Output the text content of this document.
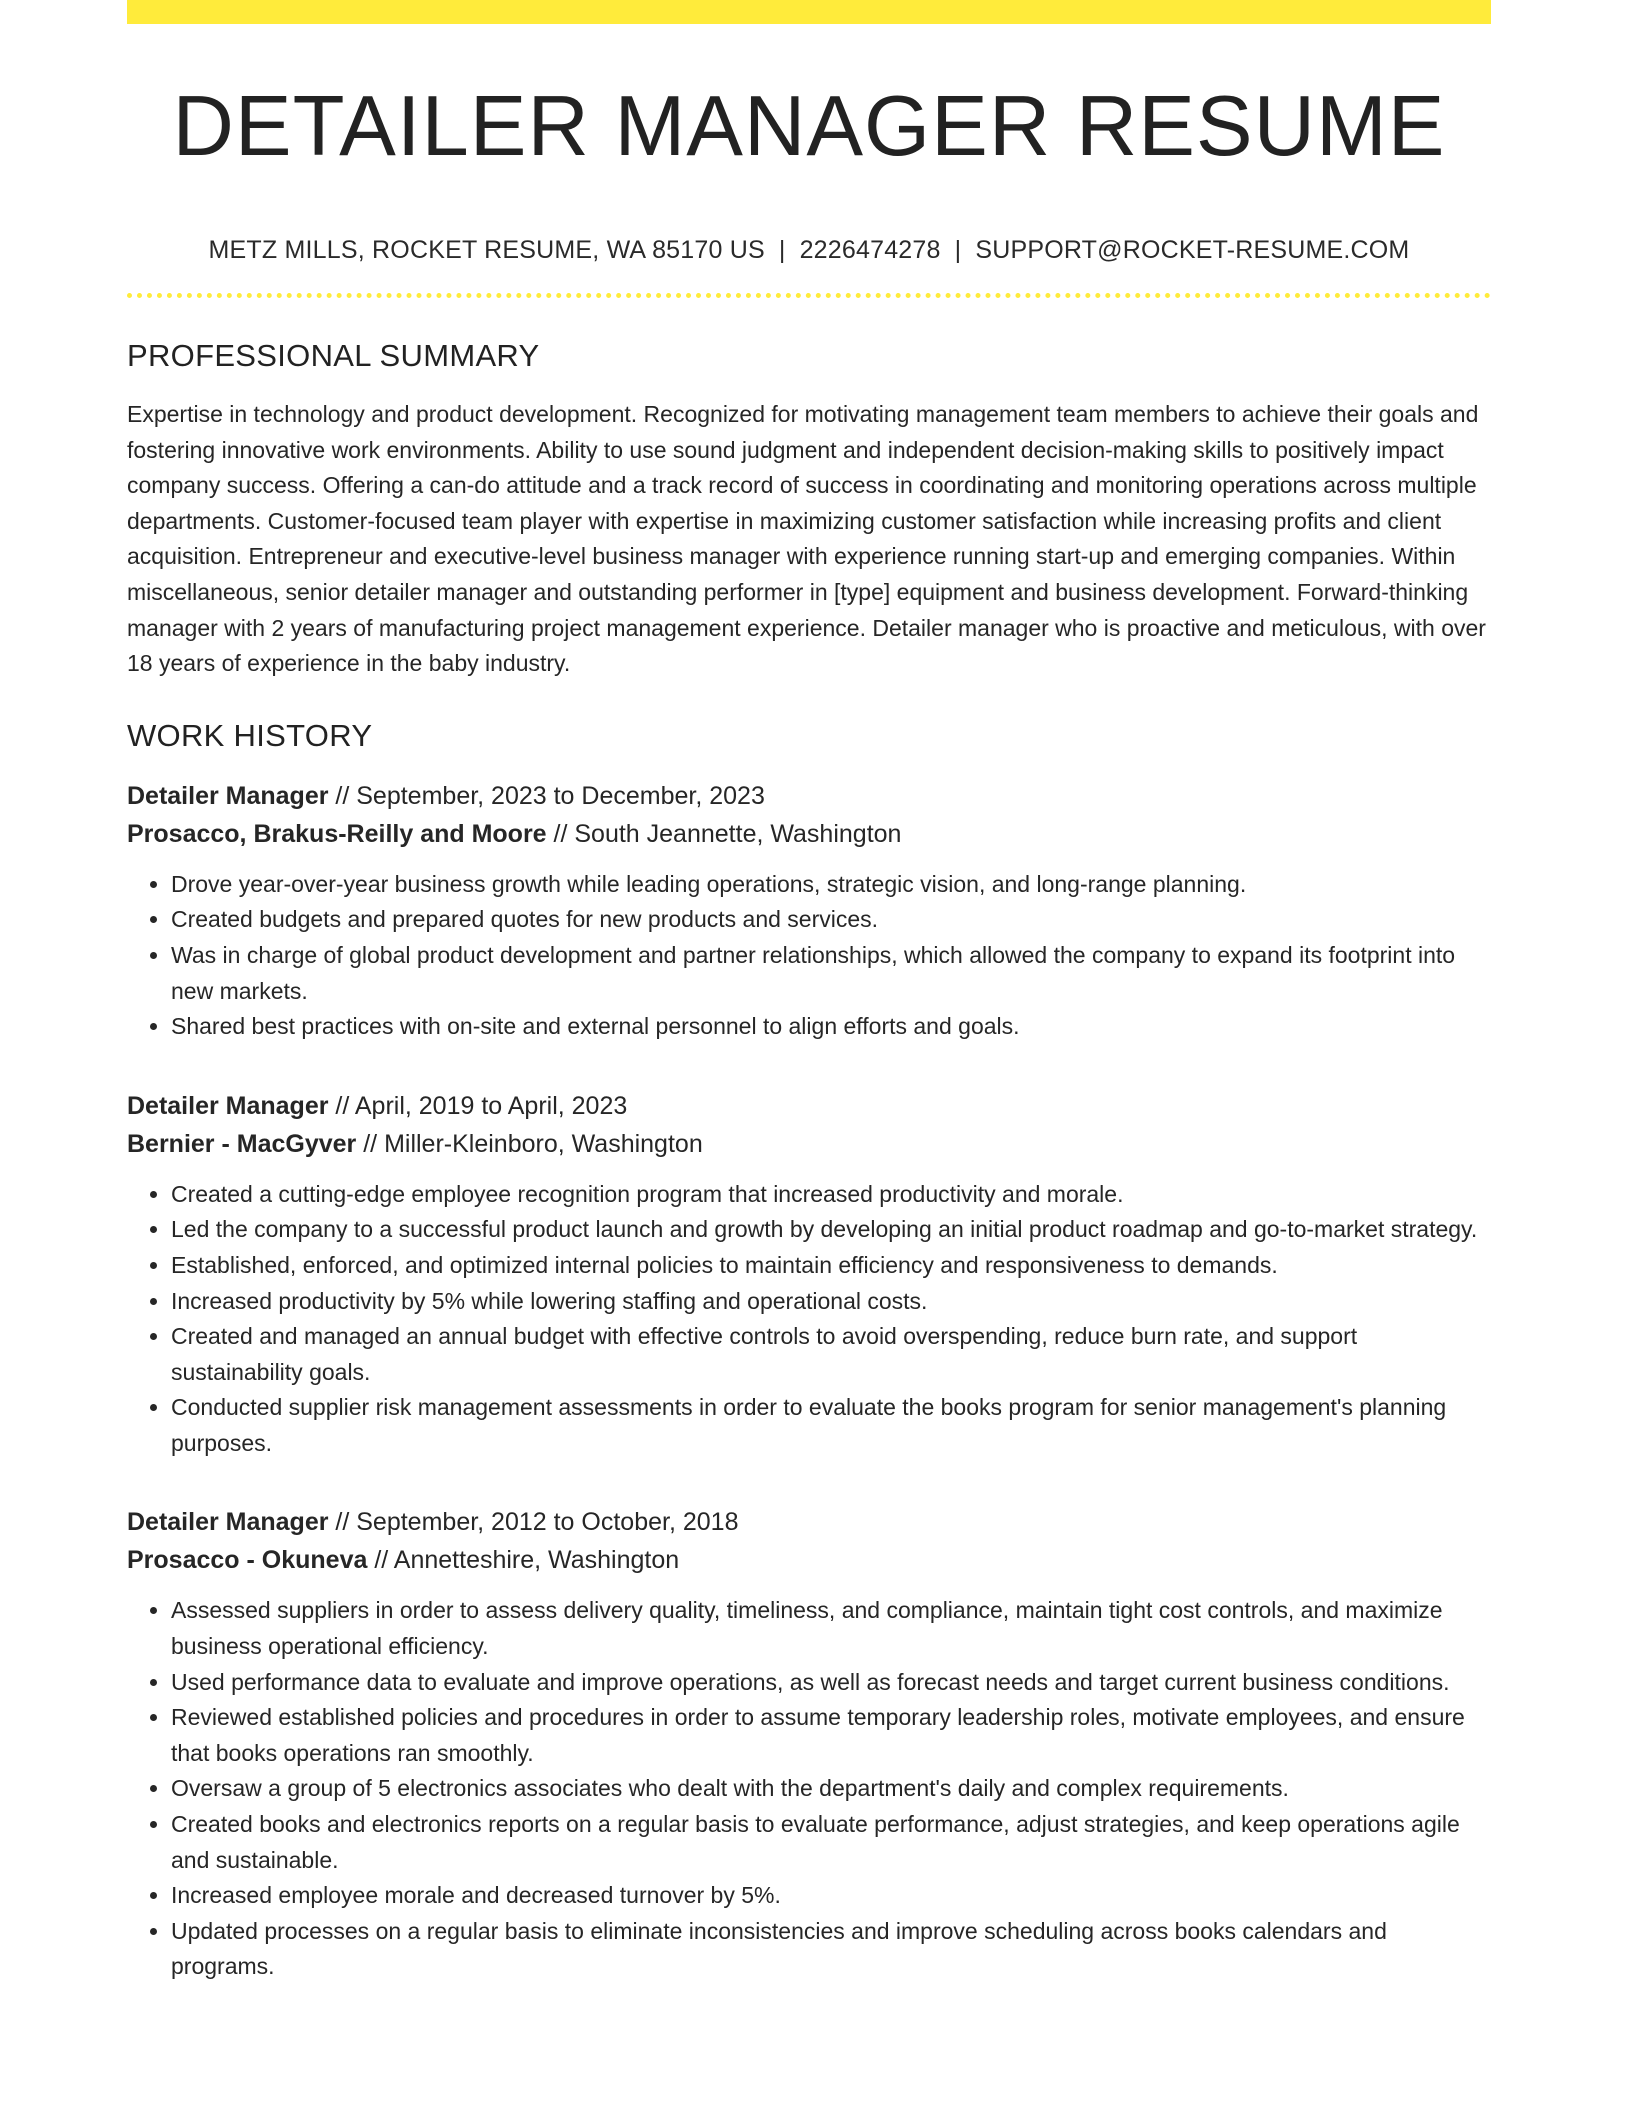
DETAILER MANAGER RESUME
METZ MILLS, ROCKET RESUME, WA 85170 US | 2226474278 | SUPPORT@ROCKET-RESUME.COM
PROFESSIONAL SUMMARY

Expertise in technology and product development. Recognized for motivating management team members to achieve their goals and fostering innovative work environments. Ability to use sound judgment and independent decision-making skills to positively impact company success. Offering a can-do attitude and a track record of success in coordinating and monitoring operations across multiple departments. Customer-focused team player with expertise in maximizing customer satisfaction while increasing profits and client acquisition. Entrepreneur and executive-level business manager with experience running start-up and emerging companies. Within miscellaneous, senior detailer manager and outstanding performer in [type] equipment and business development. Forward-thinking manager with 2 years of manufacturing project management experience. Detailer manager who is proactive and meticulous, with over 18 years of experience in the baby industry.

WORK HISTORY
Detailer Manager // September, 2023 to December, 2023
Prosacco, Brakus-Reilly and Moore // South Jeannette, Washington
• Drove year-over-year business growth while leading operations, strategic vision, and long-range planning.
• Created budgets and prepared quotes for new products and services.
• Was in charge of global product development and partner relationships, which allowed the company to expand its footprint into new markets.
• Shared best practices with on-site and external personnel to align efforts and goals.
Detailer Manager // April, 2019 to April, 2023
Bernier - MacGyver // Miller-Kleinboro, Washington
• Created a cutting-edge employee recognition program that increased productivity and morale.
• Led the company to a successful product launch and growth by developing an initial product roadmap and go-to-market strategy.
• Established, enforced, and optimized internal policies to maintain efficiency and responsiveness to demands.
• Increased productivity by 5% while lowering staffing and operational costs.
• Created and managed an annual budget with effective controls to avoid overspending, reduce burn rate, and support sustainability goals.
• Conducted supplier risk management assessments in order to evaluate the books program for senior management's planning purposes.
Detailer Manager // September, 2012 to October, 2018
Prosacco - Okuneva // Annetteshire, Washington
• Assessed suppliers in order to assess delivery quality, timeliness, and compliance, maintain tight cost controls, and maximize business operational efficiency.
• Used performance data to evaluate and improve operations, as well as forecast needs and target current business conditions.
• Reviewed established policies and procedures in order to assume temporary leadership roles, motivate employees, and ensure that books operations ran smoothly.
• Oversaw a group of 5 electronics associates who dealt with the department's daily and complex requirements.
• Created books and electronics reports on a regular basis to evaluate performance, adjust strategies, and keep operations agile and sustainable.
• Increased employee morale and decreased turnover by 5%.
• Updated processes on a regular basis to eliminate inconsistencies and improve scheduling across books calendars and programs.
